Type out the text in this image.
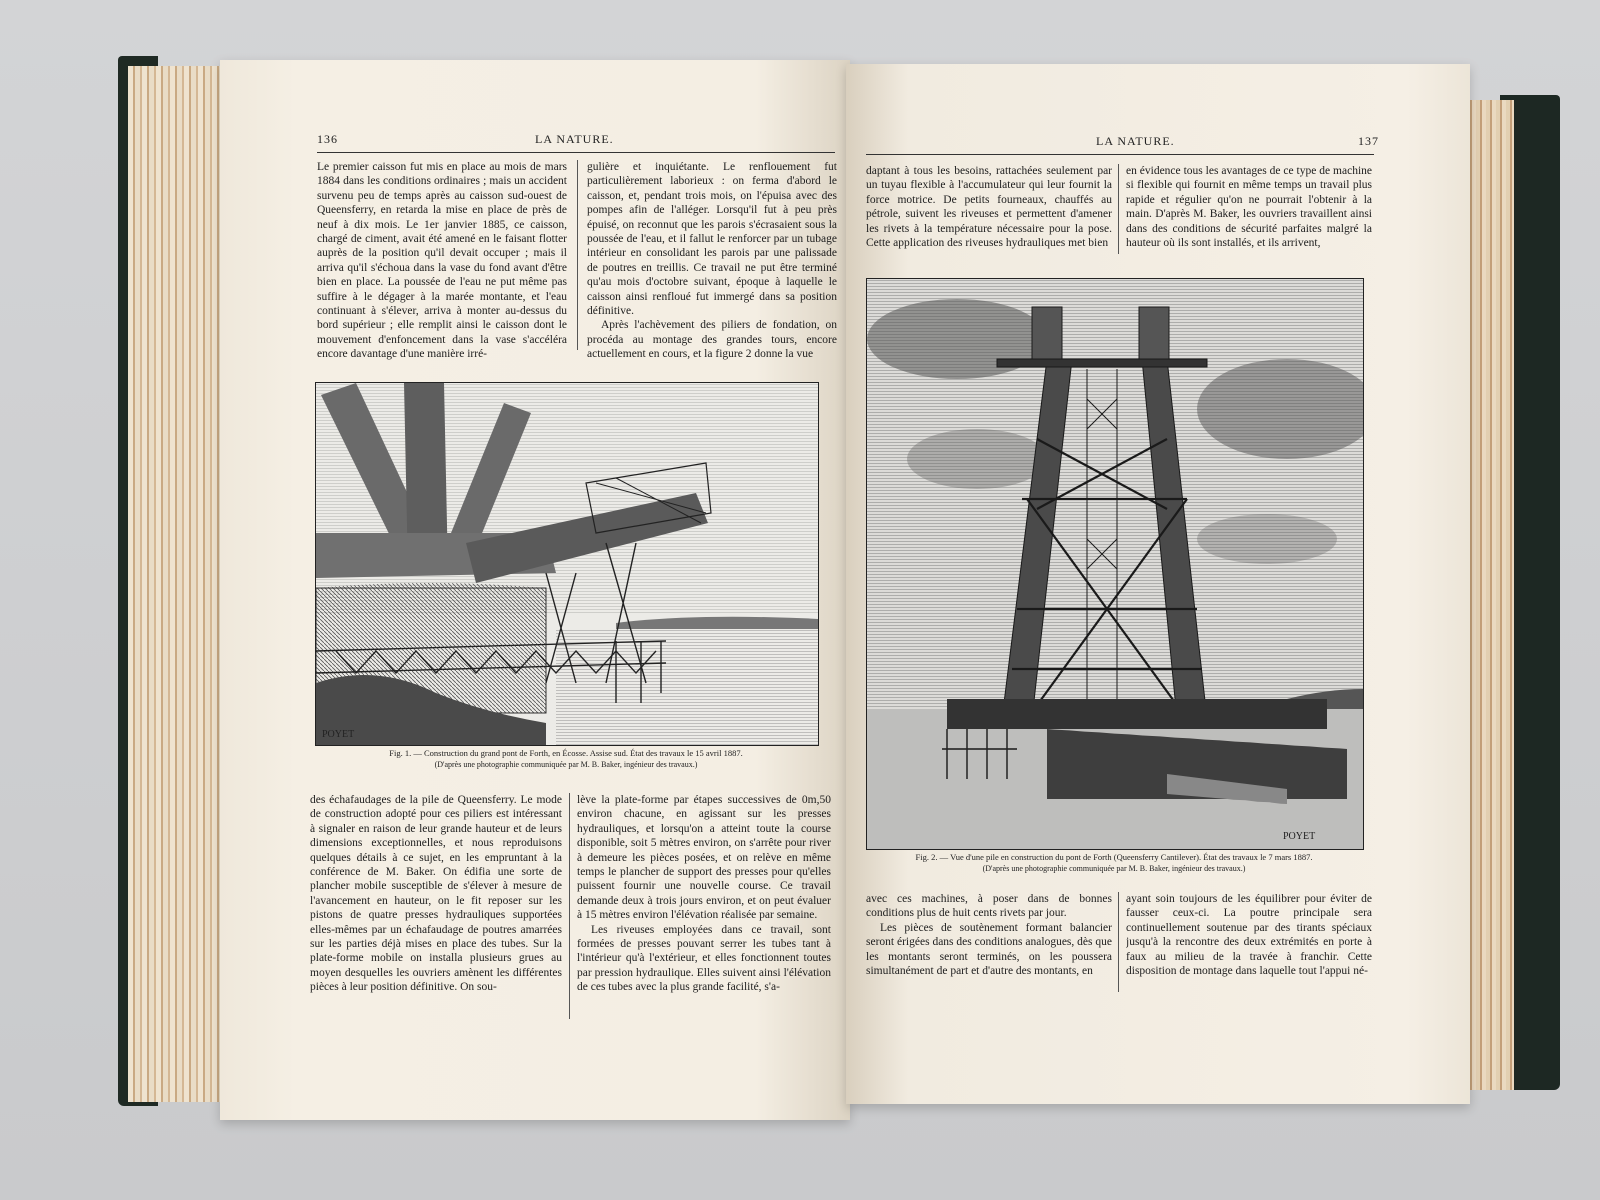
136	LA NATURE.

Le premier caisson fut mis en place au mois de mars 1884 dans les conditions ordinaires ; mais un accident survenu peu de temps après au caisson sud-ouest de Queensferry, en retarda la mise en place de près de neuf à dix mois. Le 1er janvier 1885, ce caisson, chargé de ciment, avait été amené en le faisant flotter auprès de la position qu'il devait occuper ; mais il arriva qu'il s'échoua dans la vase du fond avant d'être bien en place. La poussée de l'eau ne put même pas suffire à le dégager à la marée montante, et l'eau continuant à s'élever, arriva à monter au-dessus du bord supérieur ; elle remplit ainsi le caisson dont le mouvement d'enfoncement dans la vase s'accéléra encore davantage d'une manière irré-

gulière et inquiétante. Le renflouement fut particulièrement laborieux : on ferma d'abord le caisson, et, pendant trois mois, on l'épuisa avec des pompes afin de l'alléger. Lorsqu'il fut à peu près épuisé, on reconnut que les parois s'écrasaient sous la poussée de l'eau, et il fallut le renforcer par un tubage intérieur en consolidant les parois par une palissade de poutres en treillis. Ce travail ne put être terminé qu'au mois d'octobre suivant, époque à laquelle le caisson ainsi renfloué fut immergé dans sa position définitive.

Après l'achèvement des piliers de fondation, on procéda au montage des grandes tours, encore actuellement en cours, et la figure 2 donne la vue

POYET
Fig. 1. — Construction du grand pont de Forth, en Écosse. Assise sud. État des travaux le 15 avril 1887.
(D'après une photographie communiquée par M. B. Baker, ingénieur des travaux.)

des échafaudages de la pile de Queensferry. Le mode de construction adopté pour ces piliers est intéressant à signaler en raison de leur grande hauteur et de leurs dimensions exceptionnelles, et nous reproduisons quelques détails à ce sujet, en les empruntant à la conférence de M. Baker. On édifia une sorte de plancher mobile susceptible de s'élever à mesure de l'avancement en hauteur, on le fit reposer sur les pistons de quatre presses hydrauliques supportées elles-mêmes par un échafaudage de poutres amarrées sur les parties déjà mises en place des tubes. Sur la plate-forme mobile on installa plusieurs grues au moyen desquelles les ouvriers amènent les différentes pièces à leur position définitive. On sou-

lève la plate-forme par étapes successives de 0m,50 environ chacune, en agissant sur les presses hydrauliques, et lorsqu'on a atteint toute la course disponible, soit 5 mètres environ, on s'arrête pour river à demeure les pièces posées, et on relève en même temps le plancher de support des presses pour qu'elles puissent fournir une nouvelle course. Ce travail demande deux à trois jours environ, et on peut évaluer à 15 mètres environ l'élévation réalisée par semaine.

Les riveuses employées dans ce travail, sont formées de presses pouvant serrer les tubes tant à l'intérieur qu'à l'extérieur, et elles fonctionnent toutes par pression hydraulique. Elles suivent ainsi l'élévation de ces tubes avec la plus grande facilité, s'a-

LA NATURE.	137

daptant à tous les besoins, rattachées seulement par un tuyau flexible à l'accumulateur qui leur fournit la force motrice. De petits fourneaux, chauffés au pétrole, suivent les riveuses et permettent d'amener les rivets à la température nécessaire pour la pose. Cette application des riveuses hydrauliques met bien

en évidence tous les avantages de ce type de machine si flexible qui fournit en même temps un travail plus rapide et régulier qu'on ne pourrait l'obtenir à la main. D'après M. Baker, les ouvriers travaillent ainsi dans des conditions de sécurité parfaites malgré la hauteur où ils sont installés, et ils arrivent,

POYET
Fig. 2. — Vue d'une pile en construction du pont de Forth (Queensferry Cantilever). État des travaux le 7 mars 1887.
(D'après une photographie communiquée par M. B. Baker, ingénieur des travaux.)

avec ces machines, à poser dans de bonnes conditions plus de huit cents rivets par jour.

Les pièces de soutènement formant balancier seront érigées dans des conditions analogues, dès que les montants seront terminés, on les poussera simultanément de part et d'autre des montants, en

ayant soin toujours de les équilibrer pour éviter de fausser ceux-ci. La poutre principale sera continuellement soutenue par des tirants spéciaux jusqu'à la rencontre des deux extrémités en porte à faux au milieu de la travée à franchir. Cette disposition de montage dans laquelle tout l'appui né-
